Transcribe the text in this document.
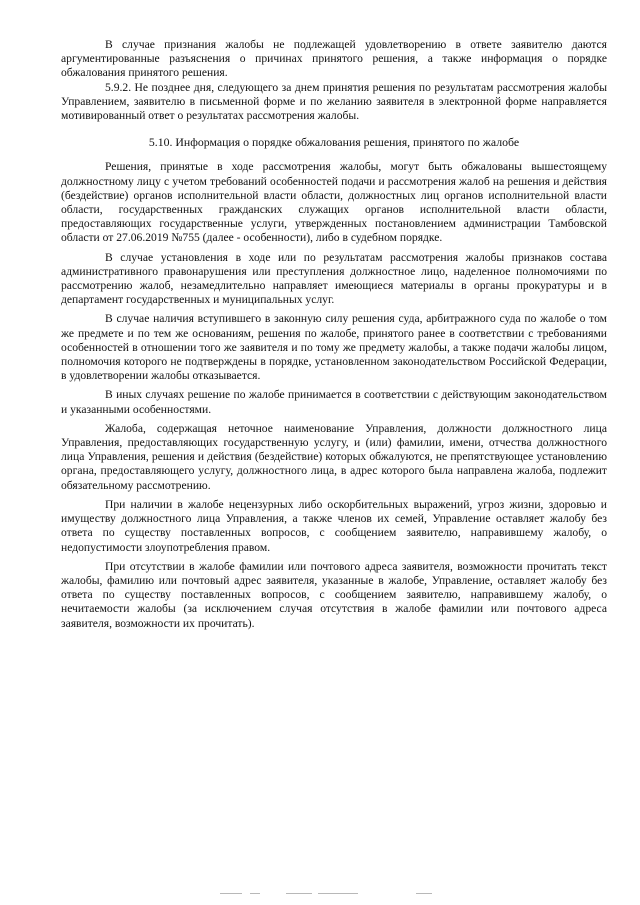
В случае признания жалобы не подлежащей удовлетворению в ответе заявителю даются аргументированные разъяснения о причинах принятого решения, а также информация о порядке обжалования принятого решения.

5.9.2. Не позднее дня, следующего за днем принятия решения по результатам рассмотрения жалобы Управлением, заявителю в письменной форме и по желанию заявителя в электронной форме направляется мотивированный ответ о результатах рассмотрения жалобы.

5.10. Информация о порядке обжалования решения, принятого по жалобе

Решения, принятые в ходе рассмотрения жалобы, могут быть обжалованы вышестоящему должностному лицу с учетом требований особенностей подачи и рассмотрения жалоб на решения и действия (бездействие) органов исполнительной власти области, должностных лиц органов исполнительной власти области, государственных гражданских служащих органов исполнительной власти области, предоставляющих государственные услуги, утвержденных постановлением администрации Тамбовской области от 27.06.2019 №755 (далее - особенности), либо в судебном порядке.

В случае установления в ходе или по результатам рассмотрения жалобы признаков состава административного правонарушения или преступления должностное лицо, наделенное полномочиями по рассмотрению жалоб, незамедлительно направляет имеющиеся материалы в органы прокуратуры и в департамент государственных и муниципальных услуг.

В случае наличия вступившего в законную силу решения суда, арбитражного суда по жалобе о том же предмете и по тем же основаниям, решения по жалобе, принятого ранее в соответствии с требованиями особенностей в отношении того же заявителя и по тому же предмету жалобы, а также подачи жалобы лицом, полномочия которого не подтверждены в порядке, установленном законодательством Российской Федерации, в удовлетворении жалобы отказывается.

В иных случаях решение по жалобе принимается в соответствии с действующим законодательством и указанными особенностями.

Жалоба, содержащая неточное наименование Управления, должности должностного лица Управления, предоставляющих государственную услугу, и (или) фамилии, имени, отчества должностного лица Управления, решения и действия (бездействие) которых обжалуются, не препятствующее установлению органа, предоставляющего услугу, должностного лица, в адрес которого была направлена жалоба, подлежит обязательному рассмотрению.

При наличии в жалобе нецензурных либо оскорбительных выражений, угроз жизни, здоровью и имуществу должностного лица Управления, а также членов их семей, Управление оставляет жалобу без ответа по существу поставленных вопросов, с сообщением заявителю, направившему жалобу, о недопустимости злоупотребления правом.

При отсутствии в жалобе фамилии или почтового адреса заявителя, возможности прочитать текст жалобы, фамилию или почтовый адрес заявителя, указанные в жалобе, Управление, оставляет жалобу без ответа по существу поставленных вопросов, с сообщением заявителю, направившему жалобу, о нечитаемости жалобы (за исключением случая отсутствия в жалобе фамилии или почтового адреса заявителя, возможности их прочитать).
